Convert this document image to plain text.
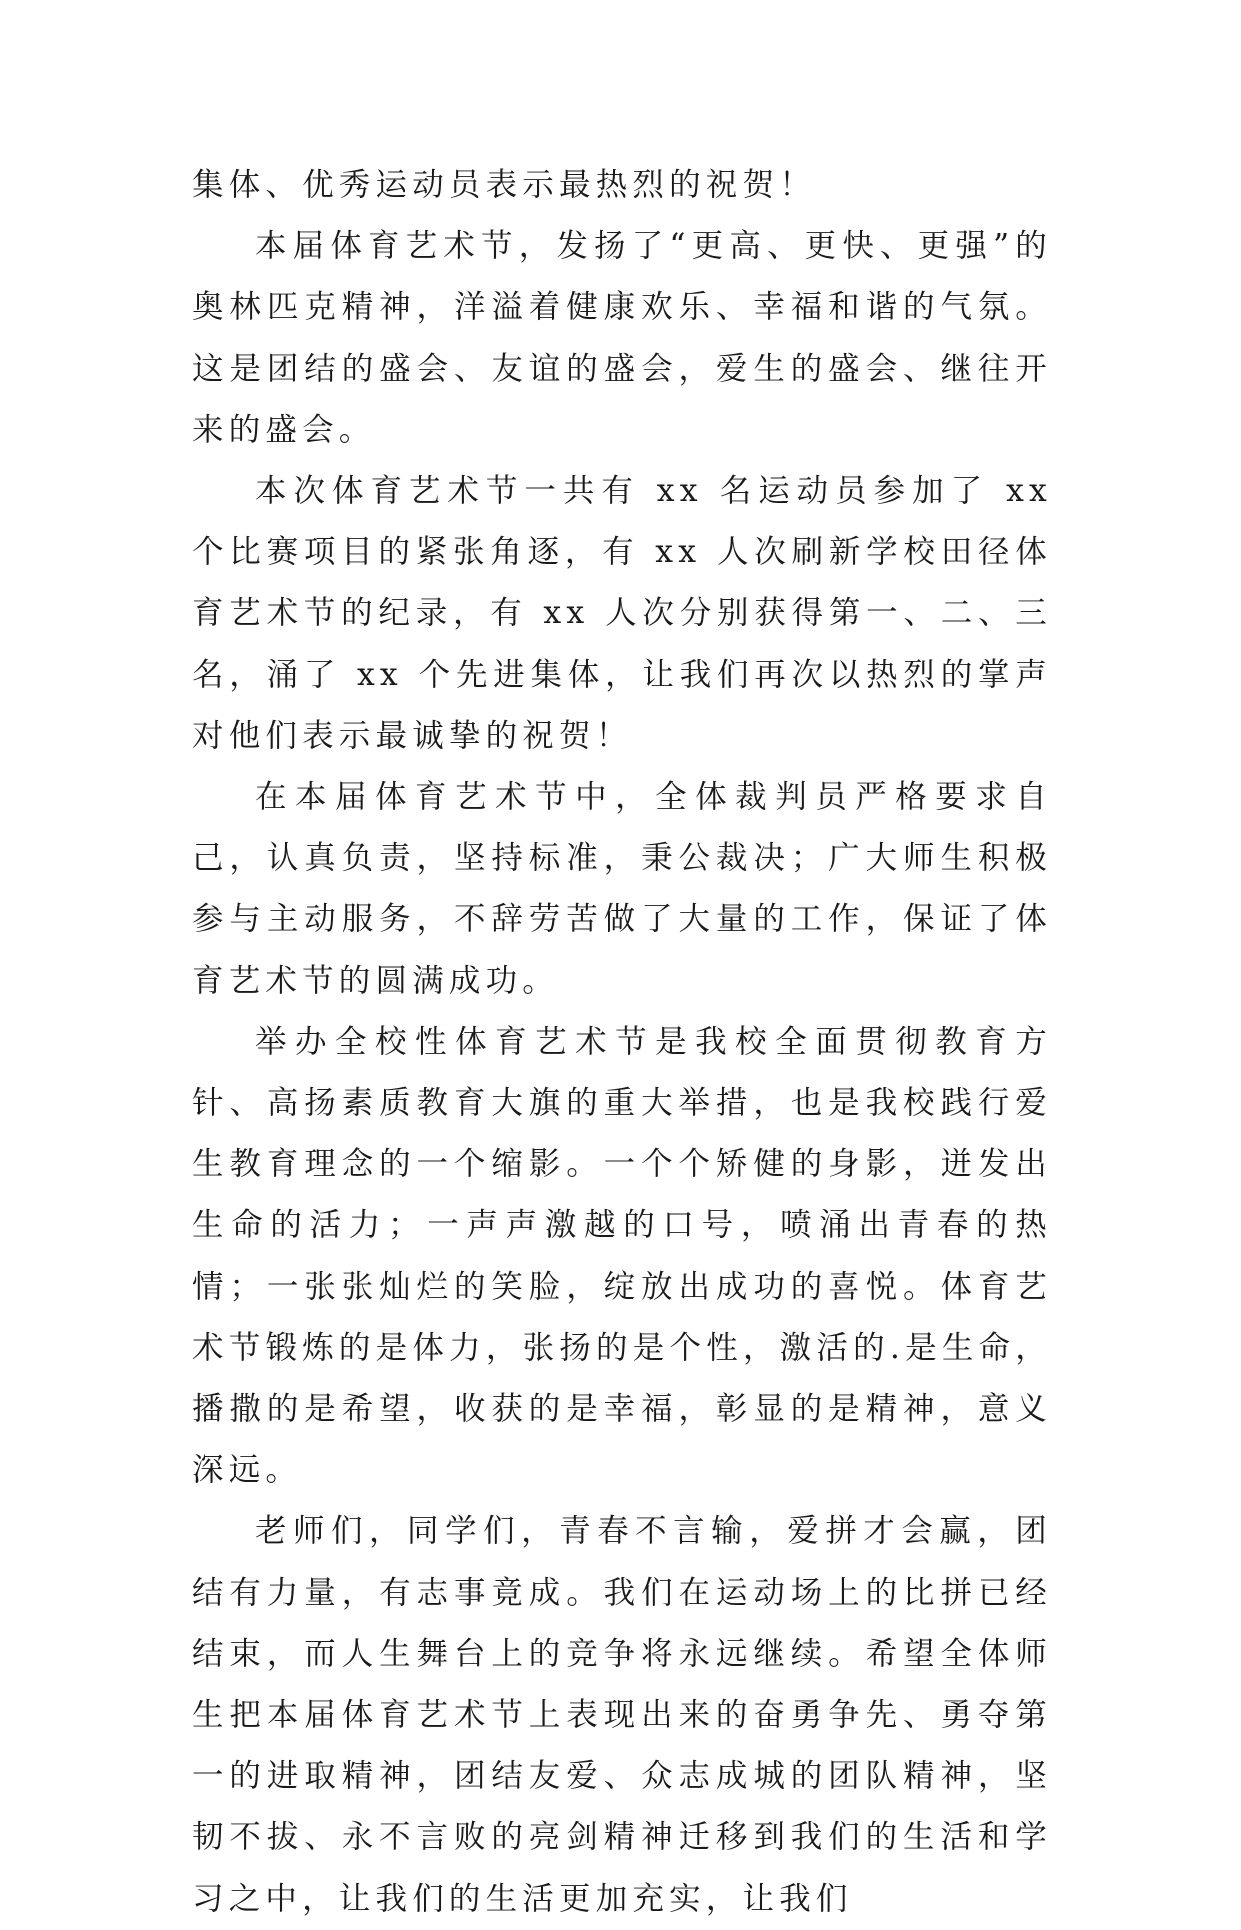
集体、优秀运动员表示最热烈的祝贺！

本届体育艺术节，发扬了“更高、更快、更强”的奥林匹克精神，洋溢着健康欢乐、幸福和谐的气氛。这是团结的盛会、友谊的盛会，爱生的盛会、继往开来的盛会。

本次体育艺术节一共有 xx 名运动员参加了 xx 个比赛项目的紧张角逐，有 xx 人次刷新学校田径体育艺术节的纪录，有 xx 人次分别获得第一、二、三名，涌了 xx 个先进集体，让我们再次以热烈的掌声对他们表示最诚挚的祝贺！

在本届体育艺术节中，全体裁判员严格要求自己，认真负责，坚持标准，秉公裁决；广大师生积极参与主动服务，不辞劳苦做了大量的工作，保证了体育艺术节的圆满成功。

举办全校性体育艺术节是我校全面贯彻教育方针、高扬素质教育大旗的重大举措，也是我校践行爱生教育理念的一个缩影。一个个矫健的身影，迸发出生命的活力；一声声激越的口号，喷涌出青春的热情；一张张灿烂的笑脸，绽放出成功的喜悦。体育艺术节锻炼的是体力，张扬的是个性，激活的.是生命，播撒的是希望，收获的是幸福，彰显的是精神，意义深远。

老师们，同学们，青春不言输，爱拼才会赢，团结有力量，有志事竟成。我们在运动场上的比拼已经结束，而人生舞台上的竞争将永远继续。希望全体师生把本届体育艺术节上表现出来的奋勇争先、勇夺第一的进取精神，团结友爱、众志成城的团队精神，坚韧不拔、永不言败的亮剑精神迁移到我们的生活和学习之中，让我们的生活更加充实，让我们
